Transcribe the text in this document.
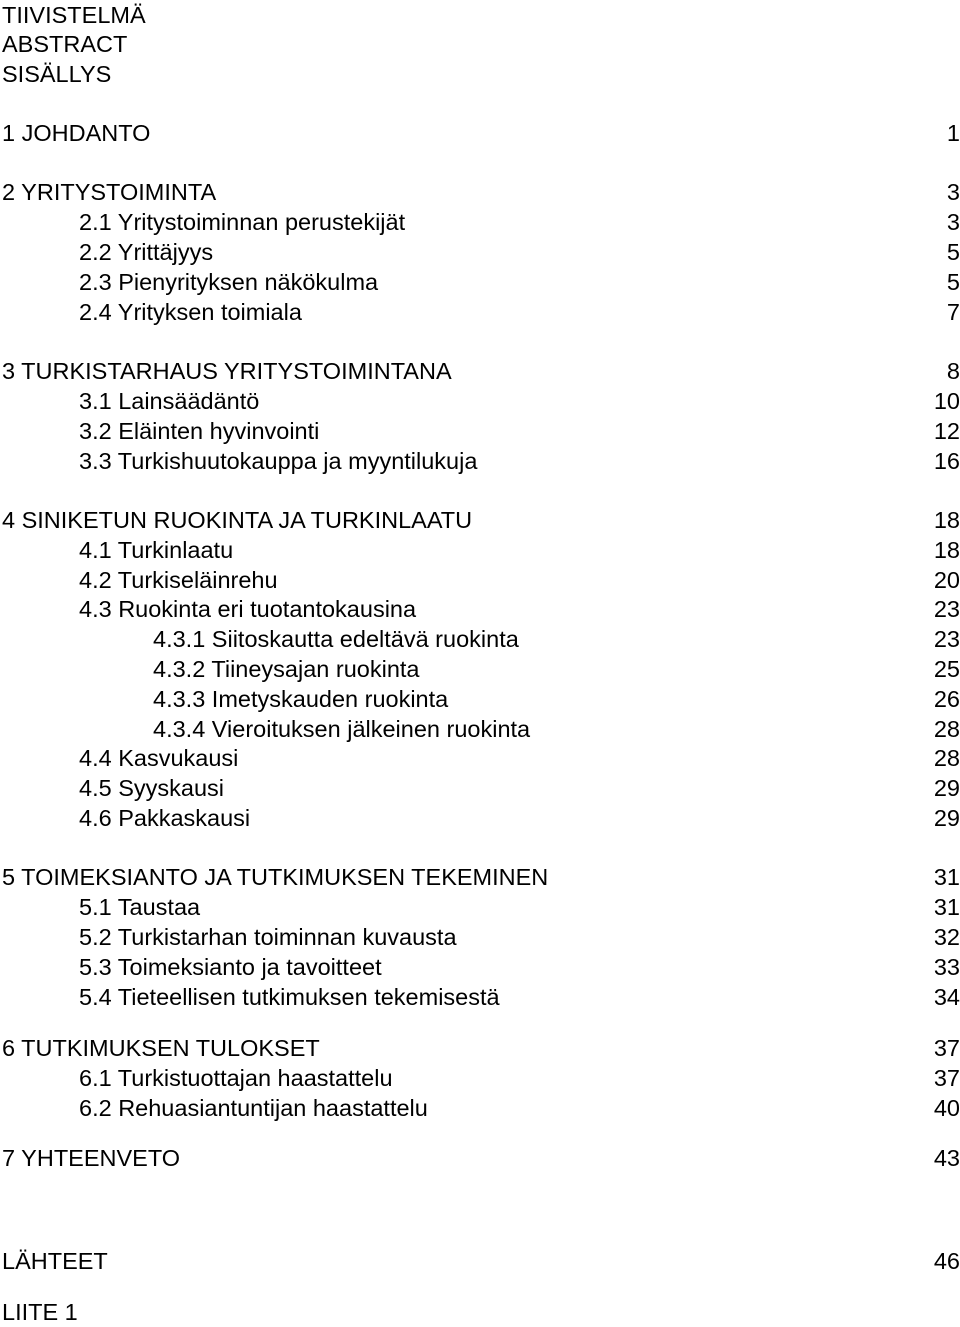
TIIVISTELMÄ
ABSTRACT
SISÄLLYS
1 JOHDANTO	1
2 YRITYSTOIMINTA	3
2.1 Yritystoiminnan perustekijät	3
2.2 Yrittäjyys	5
2.3 Pienyrityksen näkökulma	5
2.4 Yrityksen toimiala	7
3 TURKISTARHAUS YRITYSTOIMINTANA	8
3.1 Lainsäädäntö	10
3.2 Eläinten hyvinvointi	12
3.3 Turkishuutokauppa ja myyntilukuja	16
4 SINIKETUN RUOKINTA JA TURKINLAATU	18
4.1 Turkinlaatu	18
4.2 Turkiseläinrehu	20
4.3 Ruokinta eri tuotantokausina	23
4.3.1 Siitoskautta edeltävä ruokinta	23
4.3.2 Tiineysajan ruokinta	25
4.3.3 Imetyskauden ruokinta	26
4.3.4 Vieroituksen jälkeinen ruokinta	28
4.4 Kasvukausi	28
4.5 Syyskausi	29
4.6 Pakkaskausi	29
5 TOIMEKSIANTO JA TUTKIMUKSEN TEKEMINEN	31
5.1 Taustaa	31
5.2 Turkistarhan toiminnan kuvausta	32
5.3 Toimeksianto ja tavoitteet	33
5.4 Tieteellisen tutkimuksen tekemisestä	34
6 TUTKIMUKSEN TULOKSET	37
6.1 Turkistuottajan haastattelu	37
6.2 Rehuasiantuntijan haastattelu	40
7 YHTEENVETO	43
LÄHTEET	46
LIITE 1
